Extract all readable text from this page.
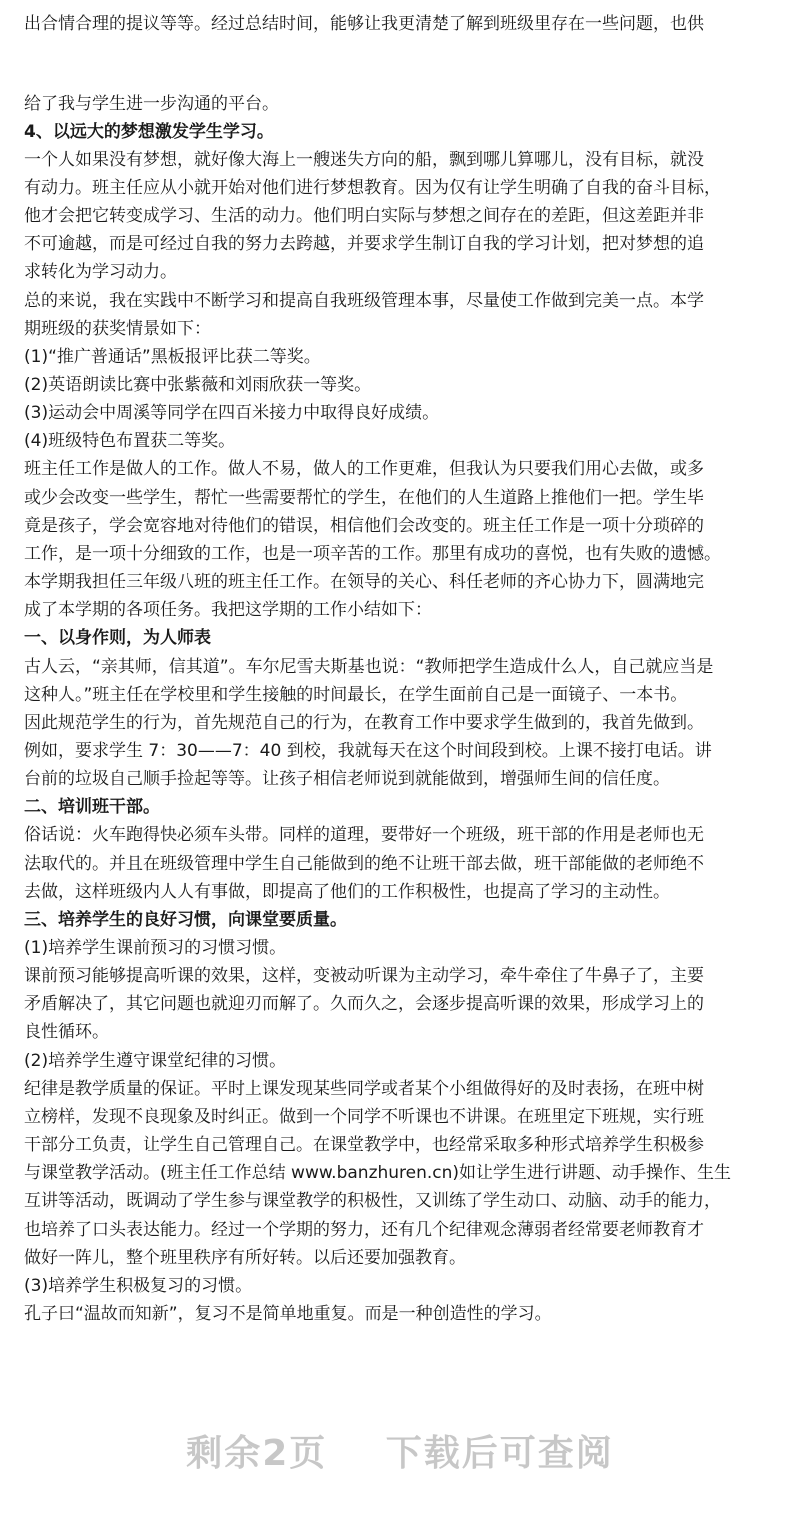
出合情合理的提议等等。经过总结时间，能够让我更清楚了解到班级里存在一些问题，也供
给了我与学生进一步沟通的平台。
4、以远大的梦想激发学生学习。
一个人如果没有梦想，就好像大海上一艘迷失方向的船，飘到哪儿算哪儿，没有目标，就没
有动力。班主任应从小就开始对他们进行梦想教育。因为仅有让学生明确了自我的奋斗目标，
他才会把它转变成学习、生活的动力。他们明白实际与梦想之间存在的差距，但这差距并非
不可逾越，而是可经过自我的努力去跨越，并要求学生制订自我的学习计划，把对梦想的追
求转化为学习动力。
总的来说，我在实践中不断学习和提高自我班级管理本事，尽量使工作做到完美一点。本学
期班级的获奖情景如下：
(1)“推广普通话”黑板报评比获二等奖。
(2)英语朗读比赛中张紫薇和刘雨欣获一等奖。
(3)运动会中周溪等同学在四百米接力中取得良好成绩。
(4)班级特色布置获二等奖。
班主任工作是做人的工作。做人不易，做人的工作更难，但我认为只要我们用心去做，或多
或少会改变一些学生，帮忙一些需要帮忙的学生，在他们的人生道路上推他们一把。学生毕
竟是孩子，学会宽容地对待他们的错误，相信他们会改变的。班主任工作是一项十分琐碎的
工作，是一项十分细致的工作，也是一项辛苦的工作。那里有成功的喜悦，也有失败的遗憾。
本学期我担任三年级八班的班主任工作。在领导的关心、科任老师的齐心协力下，圆满地完
成了本学期的各项任务。我把这学期的工作小结如下：
一、以身作则，为人师表
古人云，“亲其师，信其道”。车尔尼雪夫斯基也说：“教师把学生造成什么人，自己就应当是
这种人。”班主任在学校里和学生接触的时间最长，在学生面前自己是一面镜子、一本书。
因此规范学生的行为，首先规范自己的行为，在教育工作中要求学生做到的，我首先做到。
例如，要求学生 7：30——7：40 到校，我就每天在这个时间段到校。上课不接打电话。讲
台前的垃圾自己顺手捡起等等。让孩子相信老师说到就能做到，增强师生间的信任度。
二、培训班干部。
俗话说：火车跑得快必须车头带。同样的道理，要带好一个班级，班干部的作用是老师也无
法取代的。并且在班级管理中学生自己能做到的绝不让班干部去做，班干部能做的老师绝不
去做，这样班级内人人有事做，即提高了他们的工作积极性，也提高了学习的主动性。
三、培养学生的良好习惯，向课堂要质量。
(1)培养学生课前预习的习惯习惯。
课前预习能够提高听课的效果，这样，变被动听课为主动学习，牵牛牵住了牛鼻子了，主要
矛盾解决了，其它问题也就迎刃而解了。久而久之，会逐步提高听课的效果，形成学习上的
良性循环。
(2)培养学生遵守课堂纪律的习惯。
纪律是教学质量的保证。平时上课发现某些同学或者某个小组做得好的及时表扬，在班中树
立榜样，发现不良现象及时纠正。做到一个同学不听课也不讲课。在班里定下班规，实行班
干部分工负责，让学生自己管理自己。在课堂教学中，也经常采取多种形式培养学生积极参
与课堂教学活动。(班主任工作总结 www.banzhuren.cn)如让学生进行讲题、动手操作、生生
互讲等活动，既调动了学生参与课堂教学的积极性，又训练了学生动口、动脑、动手的能力，
也培养了口头表达能力。经过一个学期的努力，还有几个纪律观念薄弱者经常要老师教育才
做好一阵儿，整个班里秩序有所好转。以后还要加强教育。
(3)培养学生积极复习的习惯。
孔子曰“温故而知新”，复习不是简单地重复。而是一种创造性的学习。
剩余2页 下载后可查阅
